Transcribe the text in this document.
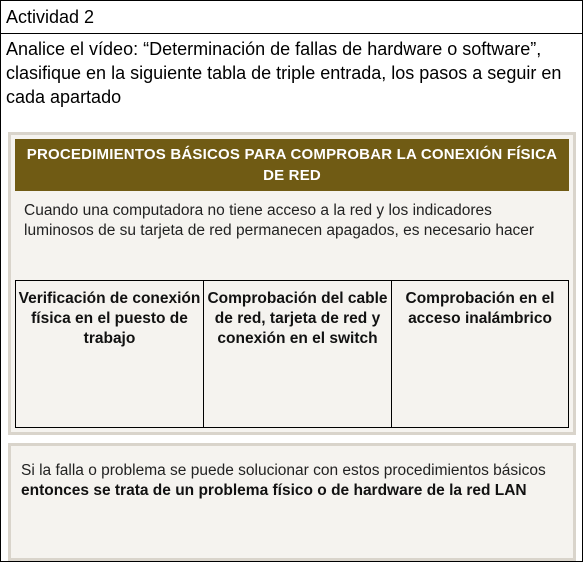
Actividad 2
Analice el vídeo: “Determinación de fallas de hardware o software”, clasifique en la siguiente tabla de triple entrada, los pasos a seguir en cada apartado
PROCEDIMIENTOS BÁSICOS PARA COMPROBAR LA CONEXIÓN FÍSICA DE RED
Cuando una computadora no tiene acceso a la red y los indicadores luminosos de su tarjeta de red permanecen apagados, es necesario hacer
Verificación de conexión física en el puesto de trabajo
Comprobación del cable de red, tarjeta de red y conexión en el switch
Comprobación en el acceso inalámbrico
Si la falla o problema se puede solucionar con estos procedimientos básicos entonces se trata de un problema físico o de hardware de la red LAN
